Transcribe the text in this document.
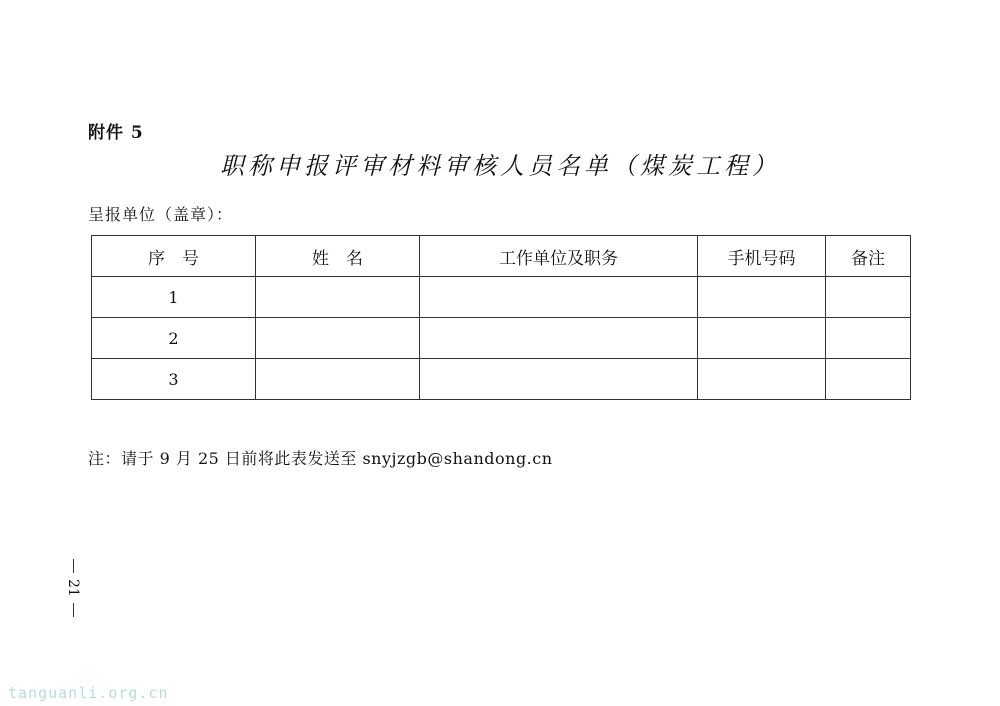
附件 5
职称申报评审材料审核人员名单（煤炭工程）
呈报单位（盖章）：
序　号	姓　名	工作单位及职务	手机号码	备注
1				
2				
3				
注：请于 9 月 25 日前将此表发送至 snyjzgb@shandong.cn
21
tanguanli.org.cn
